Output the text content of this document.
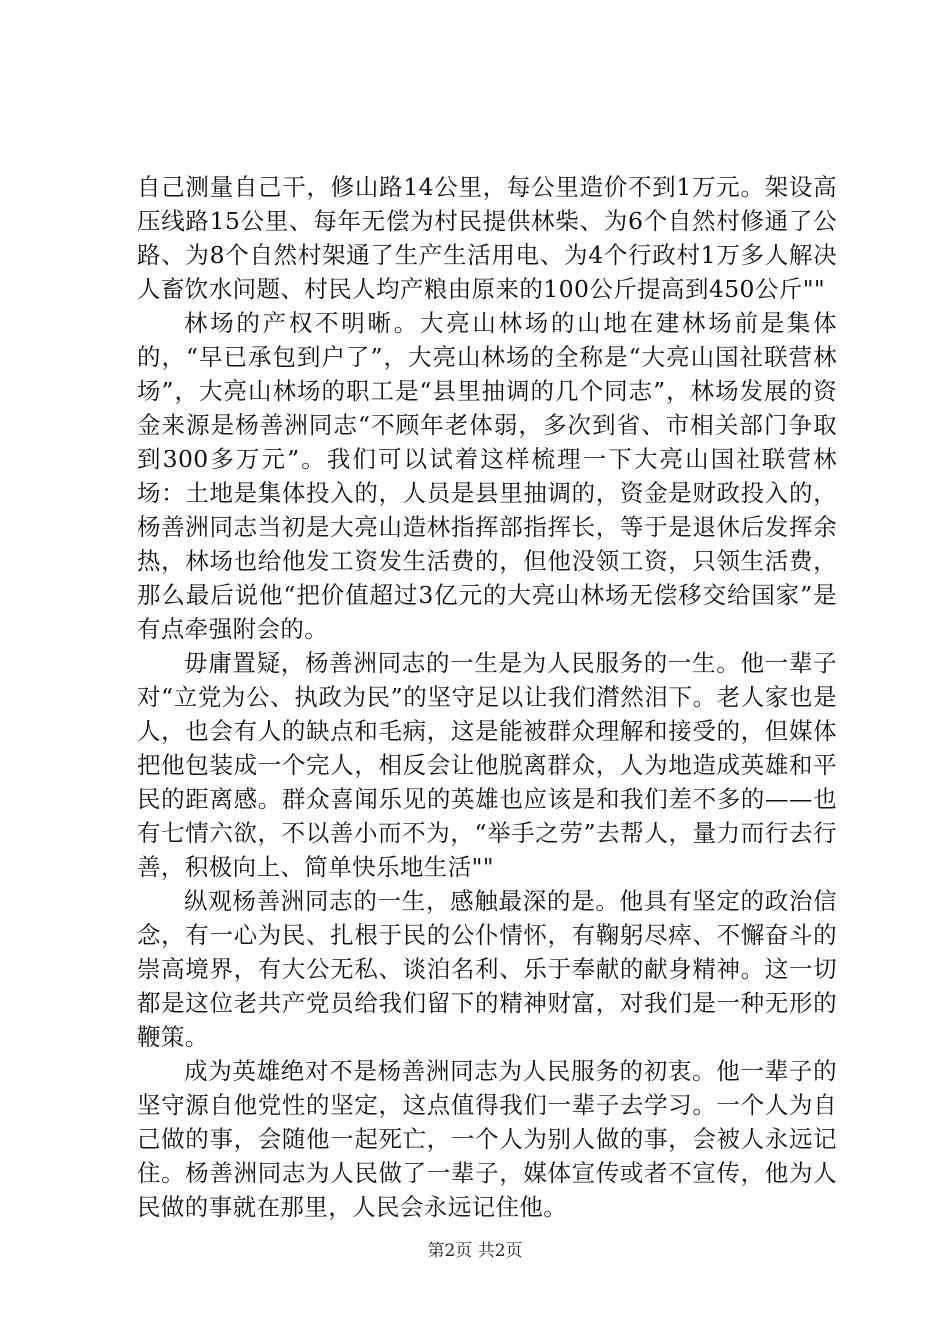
自己测量自己干，修山路14公里，每公里造价不到1万元。架设高压线路15公里、每年无偿为村民提供林柴、为6个自然村修通了公路、为8个自然村架通了生产生活用电、为4个行政村1万多人解决人畜饮水问题、村民人均产粮由原来的100公斤提高到450公斤""

林场的产权不明晰。大亮山林场的山地在建林场前是集体的，“早已承包到户了”，大亮山林场的全称是“大亮山国社联营林场”，大亮山林场的职工是“县里抽调的几个同志”，林场发展的资金来源是杨善洲同志“不顾年老体弱，多次到省、市相关部门争取到300多万元”。我们可以试着这样梳理一下大亮山国社联营林场：土地是集体投入的，人员是县里抽调的，资金是财政投入的，杨善洲同志当初是大亮山造林指挥部指挥长，等于是退休后发挥余热，林场也给他发工资发生活费的，但他没领工资，只领生活费，那么最后说他“把价值超过3亿元的大亮山林场无偿移交给国家”是有点牵强附会的。

毋庸置疑，杨善洲同志的一生是为人民服务的一生。他一辈子对“立党为公、执政为民”的坚守足以让我们潸然泪下。老人家也是人，也会有人的缺点和毛病，这是能被群众理解和接受的，但媒体把他包装成一个完人，相反会让他脱离群众，人为地造成英雄和平民的距离感。群众喜闻乐见的英雄也应该是和我们差不多的——也有七情六欲，不以善小而不为，“举手之劳”去帮人，量力而行去行善，积极向上、简单快乐地生活""

纵观杨善洲同志的一生，感触最深的是。他具有坚定的政治信念，有一心为民、扎根于民的公仆情怀，有鞠躬尽瘁、不懈奋斗的崇高境界，有大公无私、谈泊名利、乐于奉献的献身精神。这一切都是这位老共产党员给我们留下的精神财富，对我们是一种无形的鞭策。

成为英雄绝对不是杨善洲同志为人民服务的初衷。他一辈子的坚守源自他党性的坚定，这点值得我们一辈子去学习。一个人为自己做的事，会随他一起死亡，一个人为别人做的事，会被人永远记住。杨善洲同志为人民做了一辈子，媒体宣传或者不宣传，他为人民做的事就在那里，人民会永远记住他。

第2页 共2页
